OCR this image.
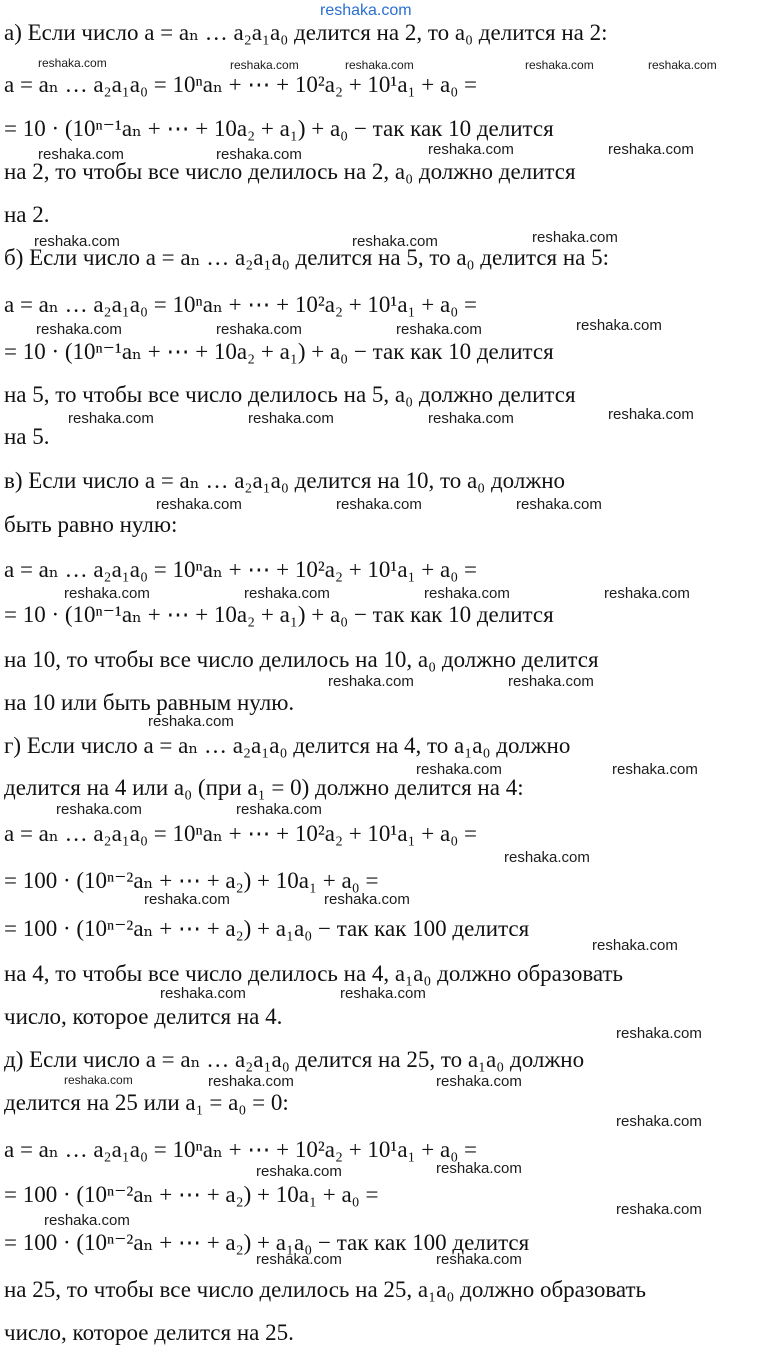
reshaka.com
а) Если число a = aₙ … a₂a₁a₀ делится на 2, то a₀ делится на 2:
a = aₙ … a₂a₁a₀ = 10ⁿaₙ + ⋯ + 10²a₂ + 10¹a₁ + a₀ =
= 10 · (10ⁿ⁻¹aₙ + ⋯ + 10a₂ + a₁) + a₀ − так как 10 делится
на 2, то чтобы все число делилось на 2, a₀ должно делится
на 2.
б) Если число a = aₙ … a₂a₁a₀ делится на 5, то a₀ делится на 5:
a = aₙ … a₂a₁a₀ = 10ⁿaₙ + ⋯ + 10²a₂ + 10¹a₁ + a₀ =
= 10 · (10ⁿ⁻¹aₙ + ⋯ + 10a₂ + a₁) + a₀ − так как 10 делится
на 5, то чтобы все число делилось на 5, a₀ должно делится
на 5.
в) Если число a = aₙ … a₂a₁a₀ делится на 10, то a₀ должно
быть равно нулю:
a = aₙ … a₂a₁a₀ = 10ⁿaₙ + ⋯ + 10²a₂ + 10¹a₁ + a₀ =
= 10 · (10ⁿ⁻¹aₙ + ⋯ + 10a₂ + a₁) + a₀ − так как 10 делится
на 10, то чтобы все число делилось на 10, a₀ должно делится
на 10 или быть равным нулю.
г) Если число a = aₙ … a₂a₁a₀ делится на 4, то a₁a₀ должно
делится на 4 или a₀ (при a₁ = 0) должно делится на 4:
a = aₙ … a₂a₁a₀ = 10ⁿaₙ + ⋯ + 10²a₂ + 10¹a₁ + a₀ =
= 100 · (10ⁿ⁻²aₙ + ⋯ + a₂) + 10a₁ + a₀ =
= 100 · (10ⁿ⁻²aₙ + ⋯ + a₂) + a₁a₀ − так как 100 делится
на 4, то чтобы все число делилось на 4, a₁a₀ должно образовать
число, которое делится на 4.
д) Если число a = aₙ … a₂a₁a₀ делится на 25, то a₁a₀ должно
делится на 25 или a₁ = a₀ = 0:
a = aₙ … a₂a₁a₀ = 10ⁿaₙ + ⋯ + 10²a₂ + 10¹a₁ + a₀ =
= 100 · (10ⁿ⁻²aₙ + ⋯ + a₂) + 10a₁ + a₀ =
= 100 · (10ⁿ⁻²aₙ + ⋯ + a₂) + a₁a₀ − так как 100 делится
на 25, то чтобы все число делилось на 25, a₁a₀ должно образовать
число, которое делится на 25.
reshaka.com	reshaka.com	reshaka.com	reshaka.com	reshaka.com
reshaka.com	reshaka.com	reshaka.com	reshaka.com
reshaka.com	reshaka.com	reshaka.com
reshaka.com	reshaka.com	reshaka.com	reshaka.com
reshaka.com	reshaka.com	reshaka.com	reshaka.com
reshaka.com	reshaka.com	reshaka.com
reshaka.com	reshaka.com	reshaka.com	reshaka.com
reshaka.com	reshaka.com
reshaka.com
reshaka.com	reshaka.com
reshaka.com	reshaka.com
reshaka.com
reshaka.com	reshaka.com
reshaka.com
reshaka.com	reshaka.com
reshaka.com
reshaka.com	reshaka.com	reshaka.com
reshaka.com
reshaka.com	reshaka.com
reshaka.com
reshaka.com
reshaka.com	reshaka.com
